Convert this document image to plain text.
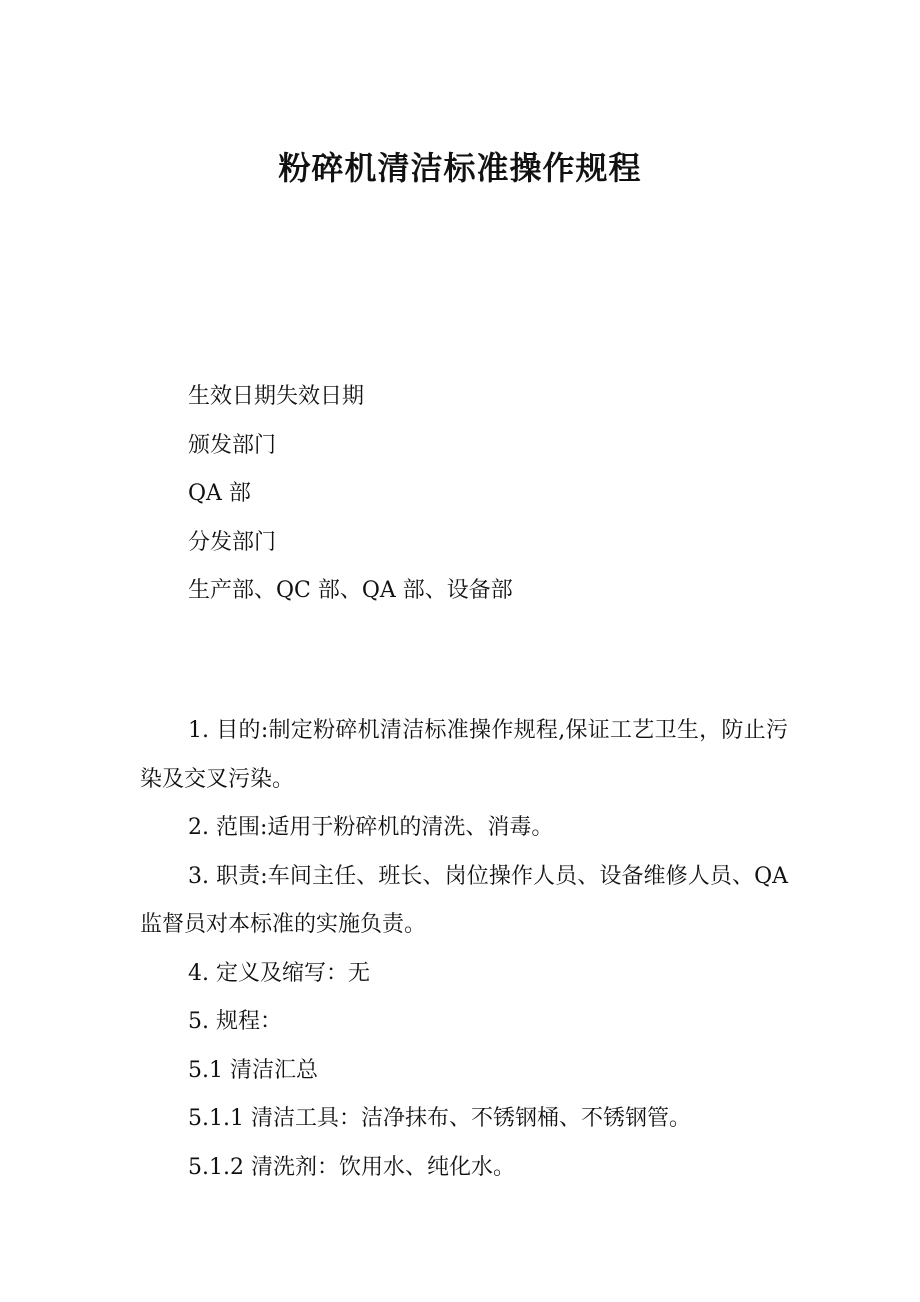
粉碎机清洁标准操作规程
生效日期失效日期
颁发部门
QA 部
分发部门
生产部、QC 部、QA 部、设备部

1. 目的:制定粉碎机清洁标准操作规程,保证工艺卫生，防止污染及交叉污染。

2. 范围:适用于粉碎机的清洗、消毒。

3. 职责:车间主任、班长、岗位操作人员、设备维修人员、QA 监督员对本标准的实施负责。

4. 定义及缩写：无

5. 规程：

5.1 清洁汇总

5.1.1 清洁工具：洁净抹布、不锈钢桶、不锈钢管。

5.1.2 清洗剂：饮用水、纯化水。
